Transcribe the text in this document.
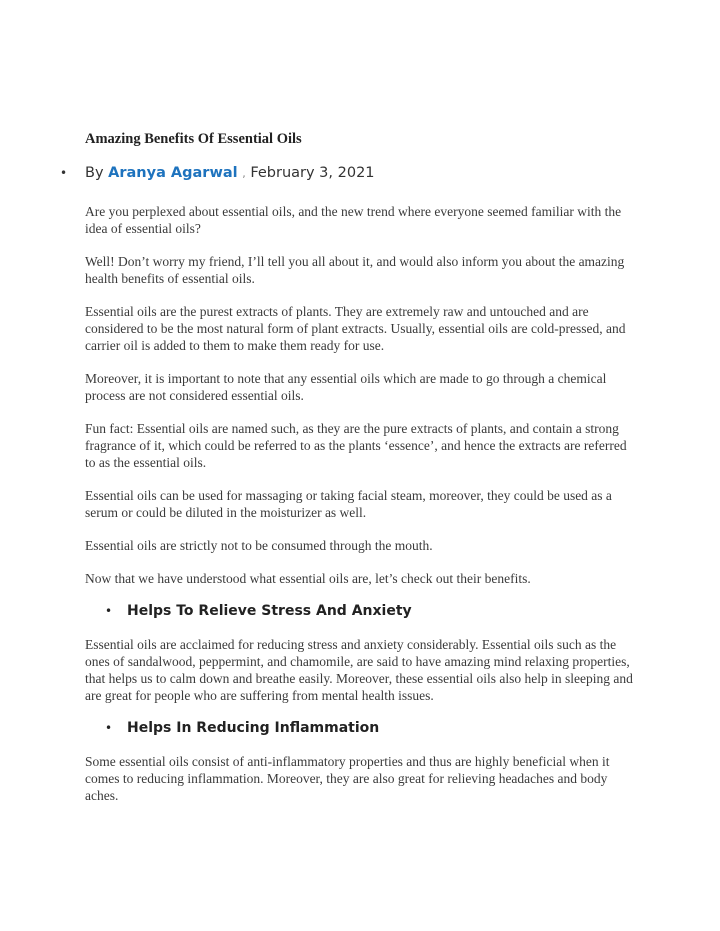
Amazing Benefits Of Essential Oils
• By Aranya Agarwal , February 3, 2021

Are you perplexed about essential oils, and the new trend where everyone seemed familiar with the idea of essential oils?

Well! Don’t worry my friend, I’ll tell you all about it, and would also inform you about the amazing health benefits of essential oils.

Essential oils are the purest extracts of plants. They are extremely raw and untouched and are considered to be the most natural form of plant extracts. Usually, essential oils are cold-pressed, and carrier oil is added to them to make them ready for use.

Moreover, it is important to note that any essential oils which are made to go through a chemical process are not considered essential oils.

Fun fact: Essential oils are named such, as they are the pure extracts of plants, and contain a strong fragrance of it, which could be referred to as the plants ‘essence’, and hence the extracts are referred to as the essential oils.

Essential oils can be used for massaging or taking facial steam, moreover, they could be used as a serum or could be diluted in the moisturizer as well.

Essential oils are strictly not to be consumed through the mouth.

Now that we have understood what essential oils are, let’s check out their benefits.

• Helps To Relieve Stress And Anxiety

Essential oils are acclaimed for reducing stress and anxiety considerably. Essential oils such as the ones of sandalwood, peppermint, and chamomile, are said to have amazing mind relaxing properties, that helps us to calm down and breathe easily. Moreover, these essential oils also help in sleeping and are great for people who are suffering from mental health issues.

• Helps In Reducing Inflammation

Some essential oils consist of anti-inflammatory properties and thus are highly beneficial when it comes to reducing inflammation. Moreover, they are also great for relieving headaches and body aches.
